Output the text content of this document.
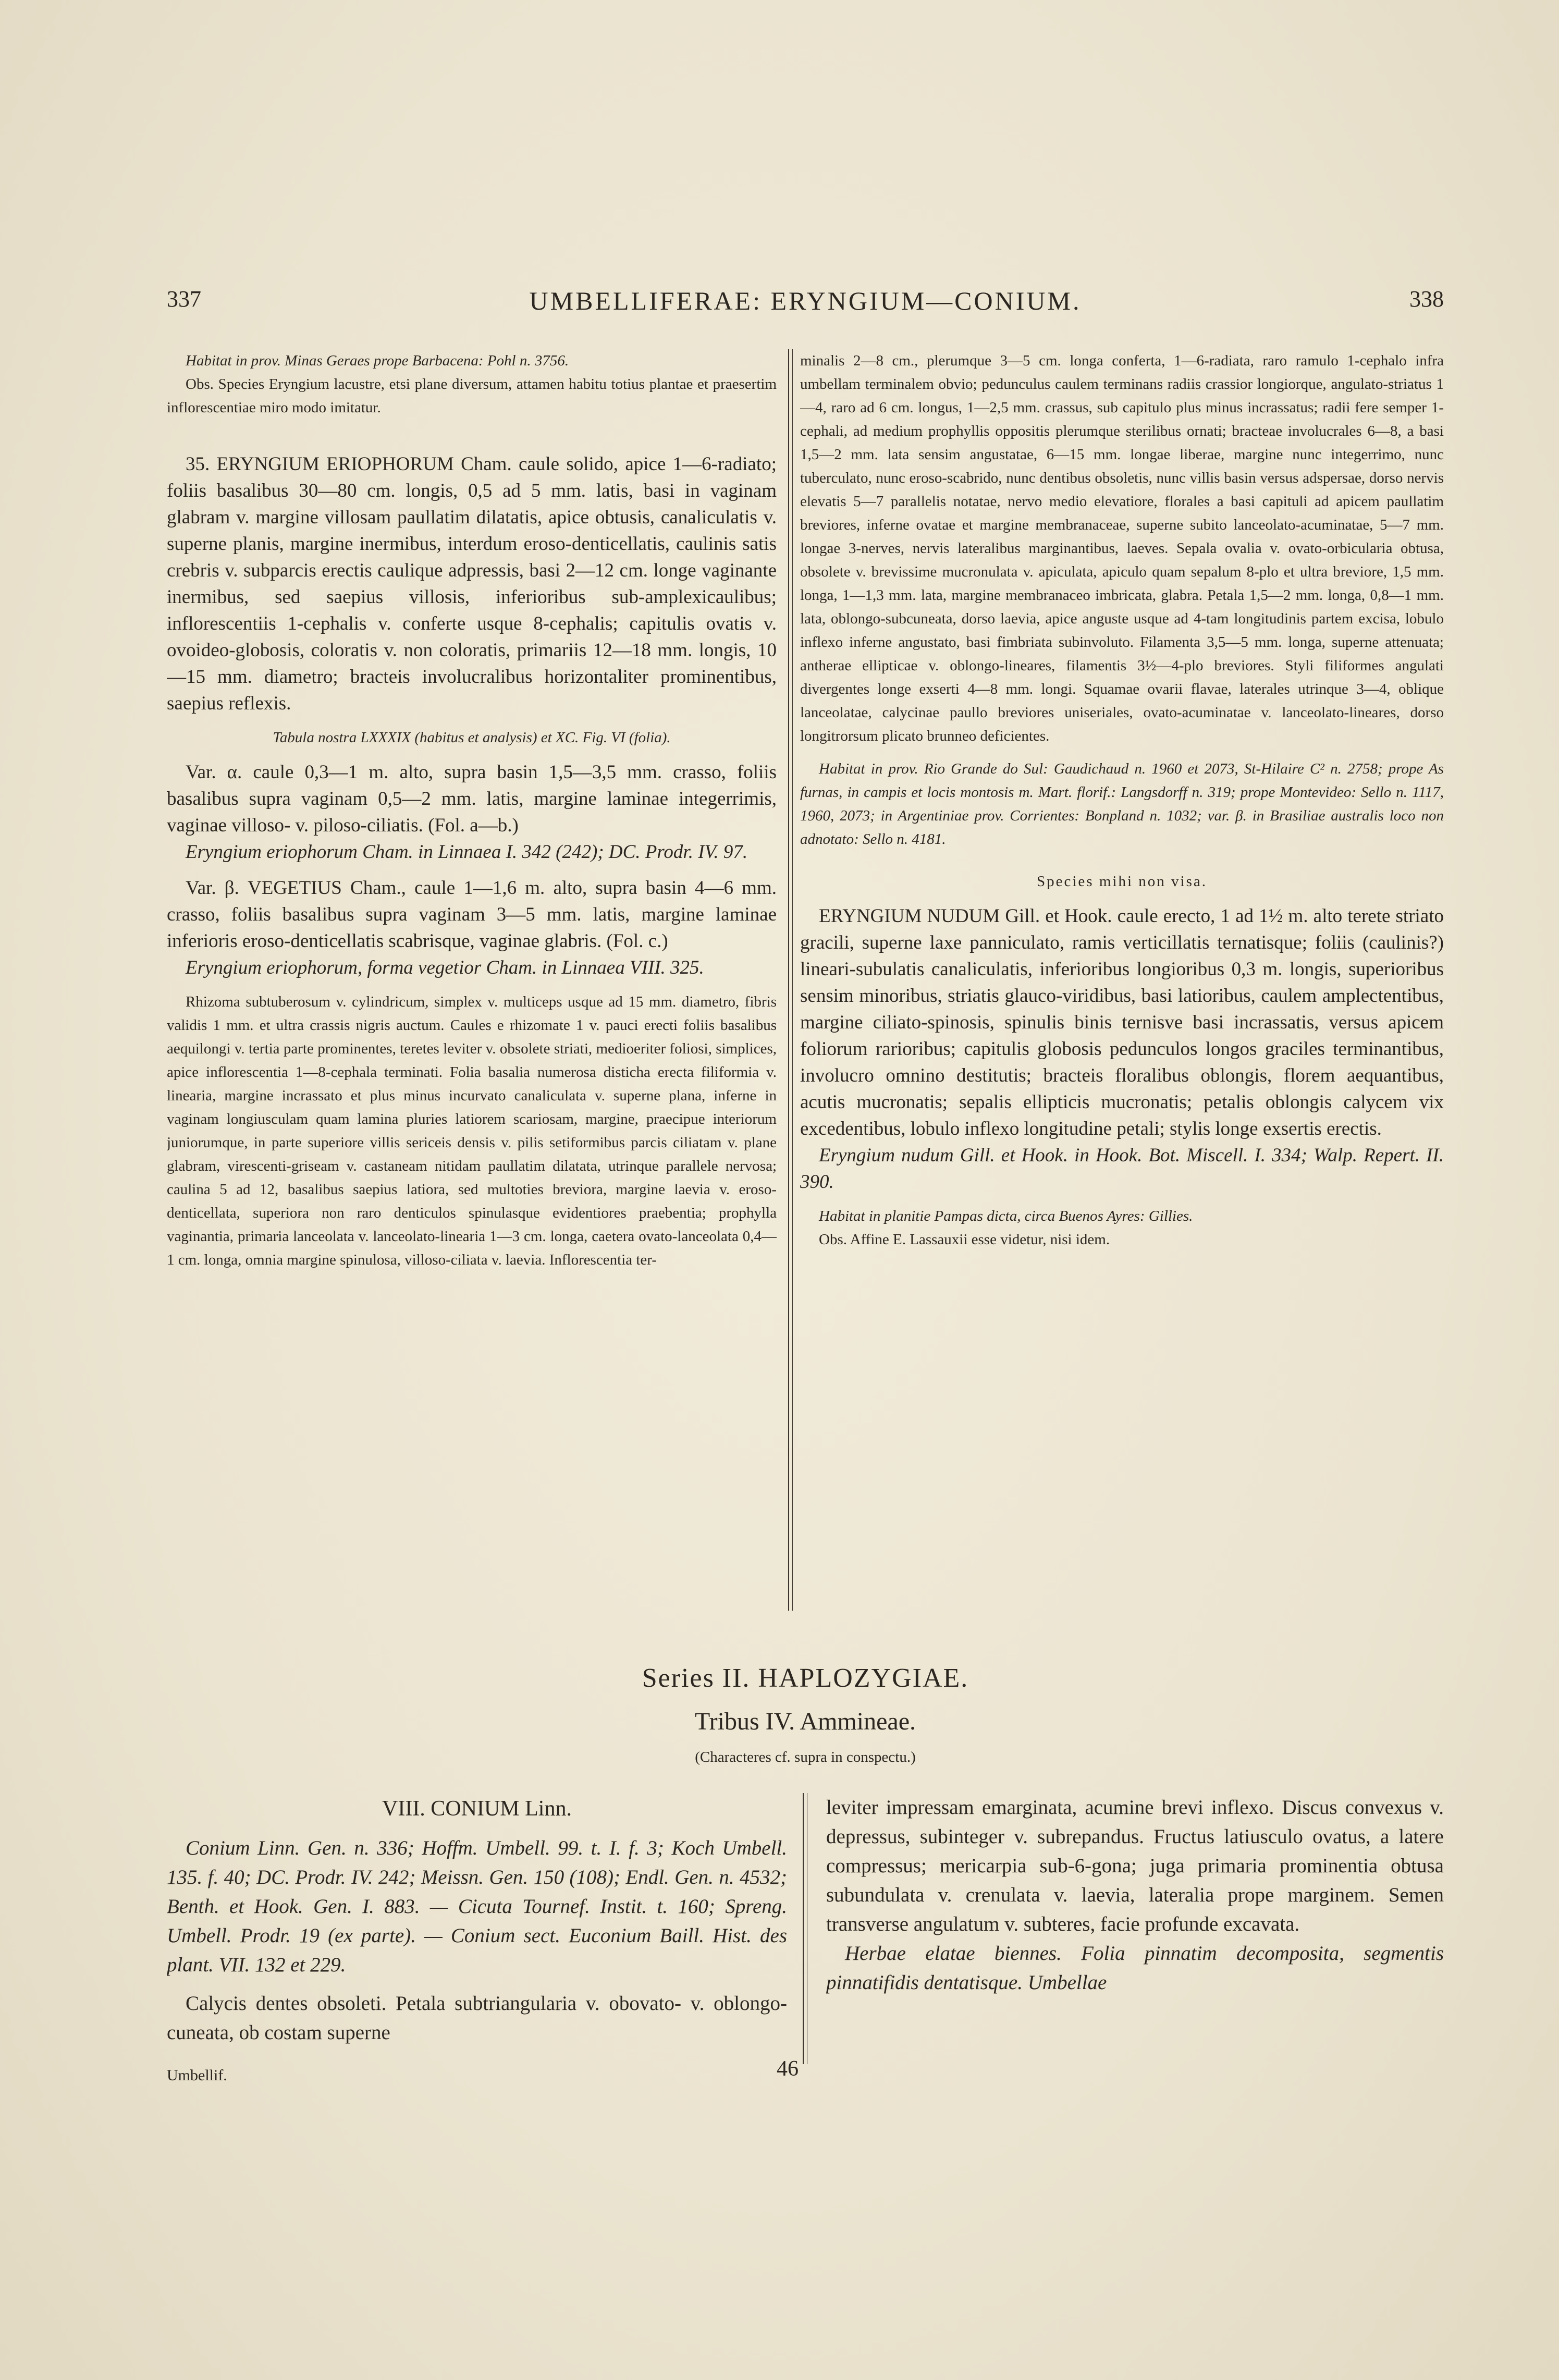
337	UMBELLIFERAE: ERYNGIUM—CONIUM.	338

Habitat in prov. Minas Geraes prope Barbacena: Pohl n. 3756.

Obs. Species Eryngium lacustre, etsi plane diversum, attamen habitu totius plantae et praesertim inflorescentiae miro modo imitatur.

35. ERYNGIUM ERIOPHORUM Cham. caule solido, apice 1—6-radiato; foliis basalibus 30—80 cm. longis, 0,5 ad 5 mm. latis, basi in vaginam glabram v. margine villosam paullatim dilatatis, apice obtusis, canaliculatis v. superne planis, margine inermibus, interdum eroso-denticellatis, caulinis satis crebris v. subparcis erectis caulique adpressis, basi 2—12 cm. longe vaginante inermibus, sed saepius villosis, inferioribus sub-amplexicaulibus; inflorescentiis 1-cephalis v. conferte usque 8-cephalis; capitulis ovatis v. ovoideo-globosis, coloratis v. non coloratis, primariis 12—18 mm. longis, 10—15 mm. diametro; bracteis involucralibus horizontaliter prominentibus, saepius reflexis.

Tabula nostra LXXXIX (habitus et analysis) et XC. Fig. VI (folia).

Var. α. caule 0,3—1 m. alto, supra basin 1,5—3,5 mm. crasso, foliis basalibus supra vaginam 0,5—2 mm. latis, margine laminae integerrimis, vaginae villoso- v. piloso-ciliatis. (Fol. a—b.)

Eryngium eriophorum Cham. in Linnaea I. 342 (242); DC. Prodr. IV. 97.

Var. β. VEGETIUS Cham., caule 1—1,6 m. alto, supra basin 4—6 mm. crasso, foliis basalibus supra vaginam 3—5 mm. latis, margine laminae inferioris eroso-denticellatis scabrisque, vaginae glabris. (Fol. c.)

Eryngium eriophorum, forma vegetior Cham. in Linnaea VIII. 325.

Rhizoma subtuberosum v. cylindricum, simplex v. multiceps usque ad 15 mm. diametro, fibris validis 1 mm. et ultra crassis nigris auctum. Caules e rhizomate 1 v. pauci erecti foliis basalibus aequilongi v. tertia parte prominentes, teretes leviter v. obsolete striati, medioeriter foliosi, simplices, apice inflorescentia 1—8-cephala terminati. Folia basalia numerosa disticha erecta filiformia v. linearia, margine incrassato et plus minus incurvato canaliculata v. superne plana, inferne in vaginam longiusculam quam lamina pluries latiorem scariosam, margine, praecipue interiorum juniorumque, in parte superiore villis sericeis densis v. pilis setiformibus parcis ciliatam v. plane glabram, virescenti-griseam v. castaneam nitidam paullatim dilatata, utrinque parallele nervosa; caulina 5 ad 12, basalibus saepius latiora, sed multoties breviora, margine laevia v. eroso-denticellata, superiora non raro denticulos spinulasque evidentiores praebentia; prophylla vaginantia, primaria lanceolata v. lanceolato-linearia 1—3 cm. longa, caetera ovato-lanceolata 0,4—1 cm. longa, omnia margine spinulosa, villoso-ciliata v. laevia. Inflorescentia ter-

minalis 2—8 cm., plerumque 3—5 cm. longa conferta, 1—6-radiata, raro ramulo 1-cephalo infra umbellam terminalem obvio; pedunculus caulem terminans radiis crassior longiorque, angulato-striatus 1—4, raro ad 6 cm. longus, 1—2,5 mm. crassus, sub capitulo plus minus incrassatus; radii fere semper 1-cephali, ad medium prophyllis oppositis plerumque sterilibus ornati; bracteae involucrales 6—8, a basi 1,5—2 mm. lata sensim angustatae, 6—15 mm. longae liberae, margine nunc integerrimo, nunc tuberculato, nunc eroso-scabrido, nunc dentibus obsoletis, nunc villis basin versus adspersae, dorso nervis elevatis 5—7 parallelis notatae, nervo medio elevatiore, florales a basi capituli ad apicem paullatim breviores, inferne ovatae et margine membranaceae, superne subito lanceolato-acuminatae, 5—7 mm. longae 3-nerves, nervis lateralibus marginantibus, laeves. Sepala ovalia v. ovato-orbicularia obtusa, obsolete v. brevissime mucronulata v. apiculata, apiculo quam sepalum 8-plo et ultra breviore, 1,5 mm. longa, 1—1,3 mm. lata, margine membranaceo imbricata, glabra. Petala 1,5—2 mm. longa, 0,8—1 mm. lata, oblongo-subcuneata, dorso laevia, apice anguste usque ad 4-tam longitudinis partem excisa, lobulo inflexo inferne angustato, basi fimbriata subinvoluto. Filamenta 3,5—5 mm. longa, superne attenuata; antherae ellipticae v. oblongo-lineares, filamentis 3½—4-plo breviores. Styli filiformes angulati divergentes longe exserti 4—8 mm. longi. Squamae ovarii flavae, laterales utrinque 3—4, oblique lanceolatae, calycinae paullo breviores uniseriales, ovato-acuminatae v. lanceolato-lineares, dorso longitrorsum plicato brunneo deficientes.

Habitat in prov. Rio Grande do Sul: Gaudichaud n. 1960 et 2073, St-Hilaire C² n. 2758; prope As furnas, in campis et locis montosis m. Mart. florif.: Langsdorff n. 319; prope Montevideo: Sello n. 1117, 1960, 2073; in Argentiniae prov. Corrientes: Bonpland n. 1032; var. β. in Brasiliae australis loco non adnotato: Sello n. 4181.

Species mihi non visa.

ERYNGIUM NUDUM Gill. et Hook. caule erecto, 1 ad 1½ m. alto terete striato gracili, superne laxe panniculato, ramis verticillatis ternatisque; foliis (caulinis?) lineari-subulatis canaliculatis, inferioribus longioribus 0,3 m. longis, superioribus sensim minoribus, striatis glauco-viridibus, basi latioribus, caulem amplectentibus, margine ciliato-spinosis, spinulis binis ternisve basi incrassatis, versus apicem foliorum rarioribus; capitulis globosis pedunculos longos graciles terminantibus, involucro omnino destitutis; bracteis floralibus oblongis, florem aequantibus, acutis mucronatis; sepalis ellipticis mucronatis; petalis oblongis calycem vix excedentibus, lobulo inflexo longitudine petali; stylis longe exsertis erectis.

Eryngium nudum Gill. et Hook. in Hook. Bot. Miscell. I. 334; Walp. Repert. II. 390.

Habitat in planitie Pampas dicta, circa Buenos Ayres: Gillies.

Obs. Affine E. Lassauxii esse videtur, nisi idem.

Series II. HAPLOZYGIAE.
Tribus IV. Ammineae.
(Characteres cf. supra in conspectu.)

VIII. CONIUM Linn.

Conium Linn. Gen. n. 336; Hoffm. Umbell. 99. t. I. f. 3; Koch Umbell. 135. f. 40; DC. Prodr. IV. 242; Meissn. Gen. 150 (108); Endl. Gen. n. 4532; Benth. et Hook. Gen. I. 883. — Cicuta Tournef. Instit. t. 160; Spreng. Umbell. Prodr. 19 (ex parte). — Conium sect. Euconium Baill. Hist. des plant. VII. 132 et 229.

Calycis dentes obsoleti. Petala subtriangularia v. obovato- v. oblongo-cuneata, ob costam superne

leviter impressam emarginata, acumine brevi inflexo. Discus convexus v. depressus, subinteger v. subrepandus. Fructus latiusculo ovatus, a latere compressus; mericarpia sub-6-gona; juga primaria prominentia obtusa subundulata v. crenulata v. laevia, lateralia prope marginem. Semen transverse angulatum v. subteres, facie profunde excavata.

Herbae elatae biennes. Folia pinnatim decomposita, segmentis pinnatifidis dentatisque. Umbellae

Umbellif.	46
